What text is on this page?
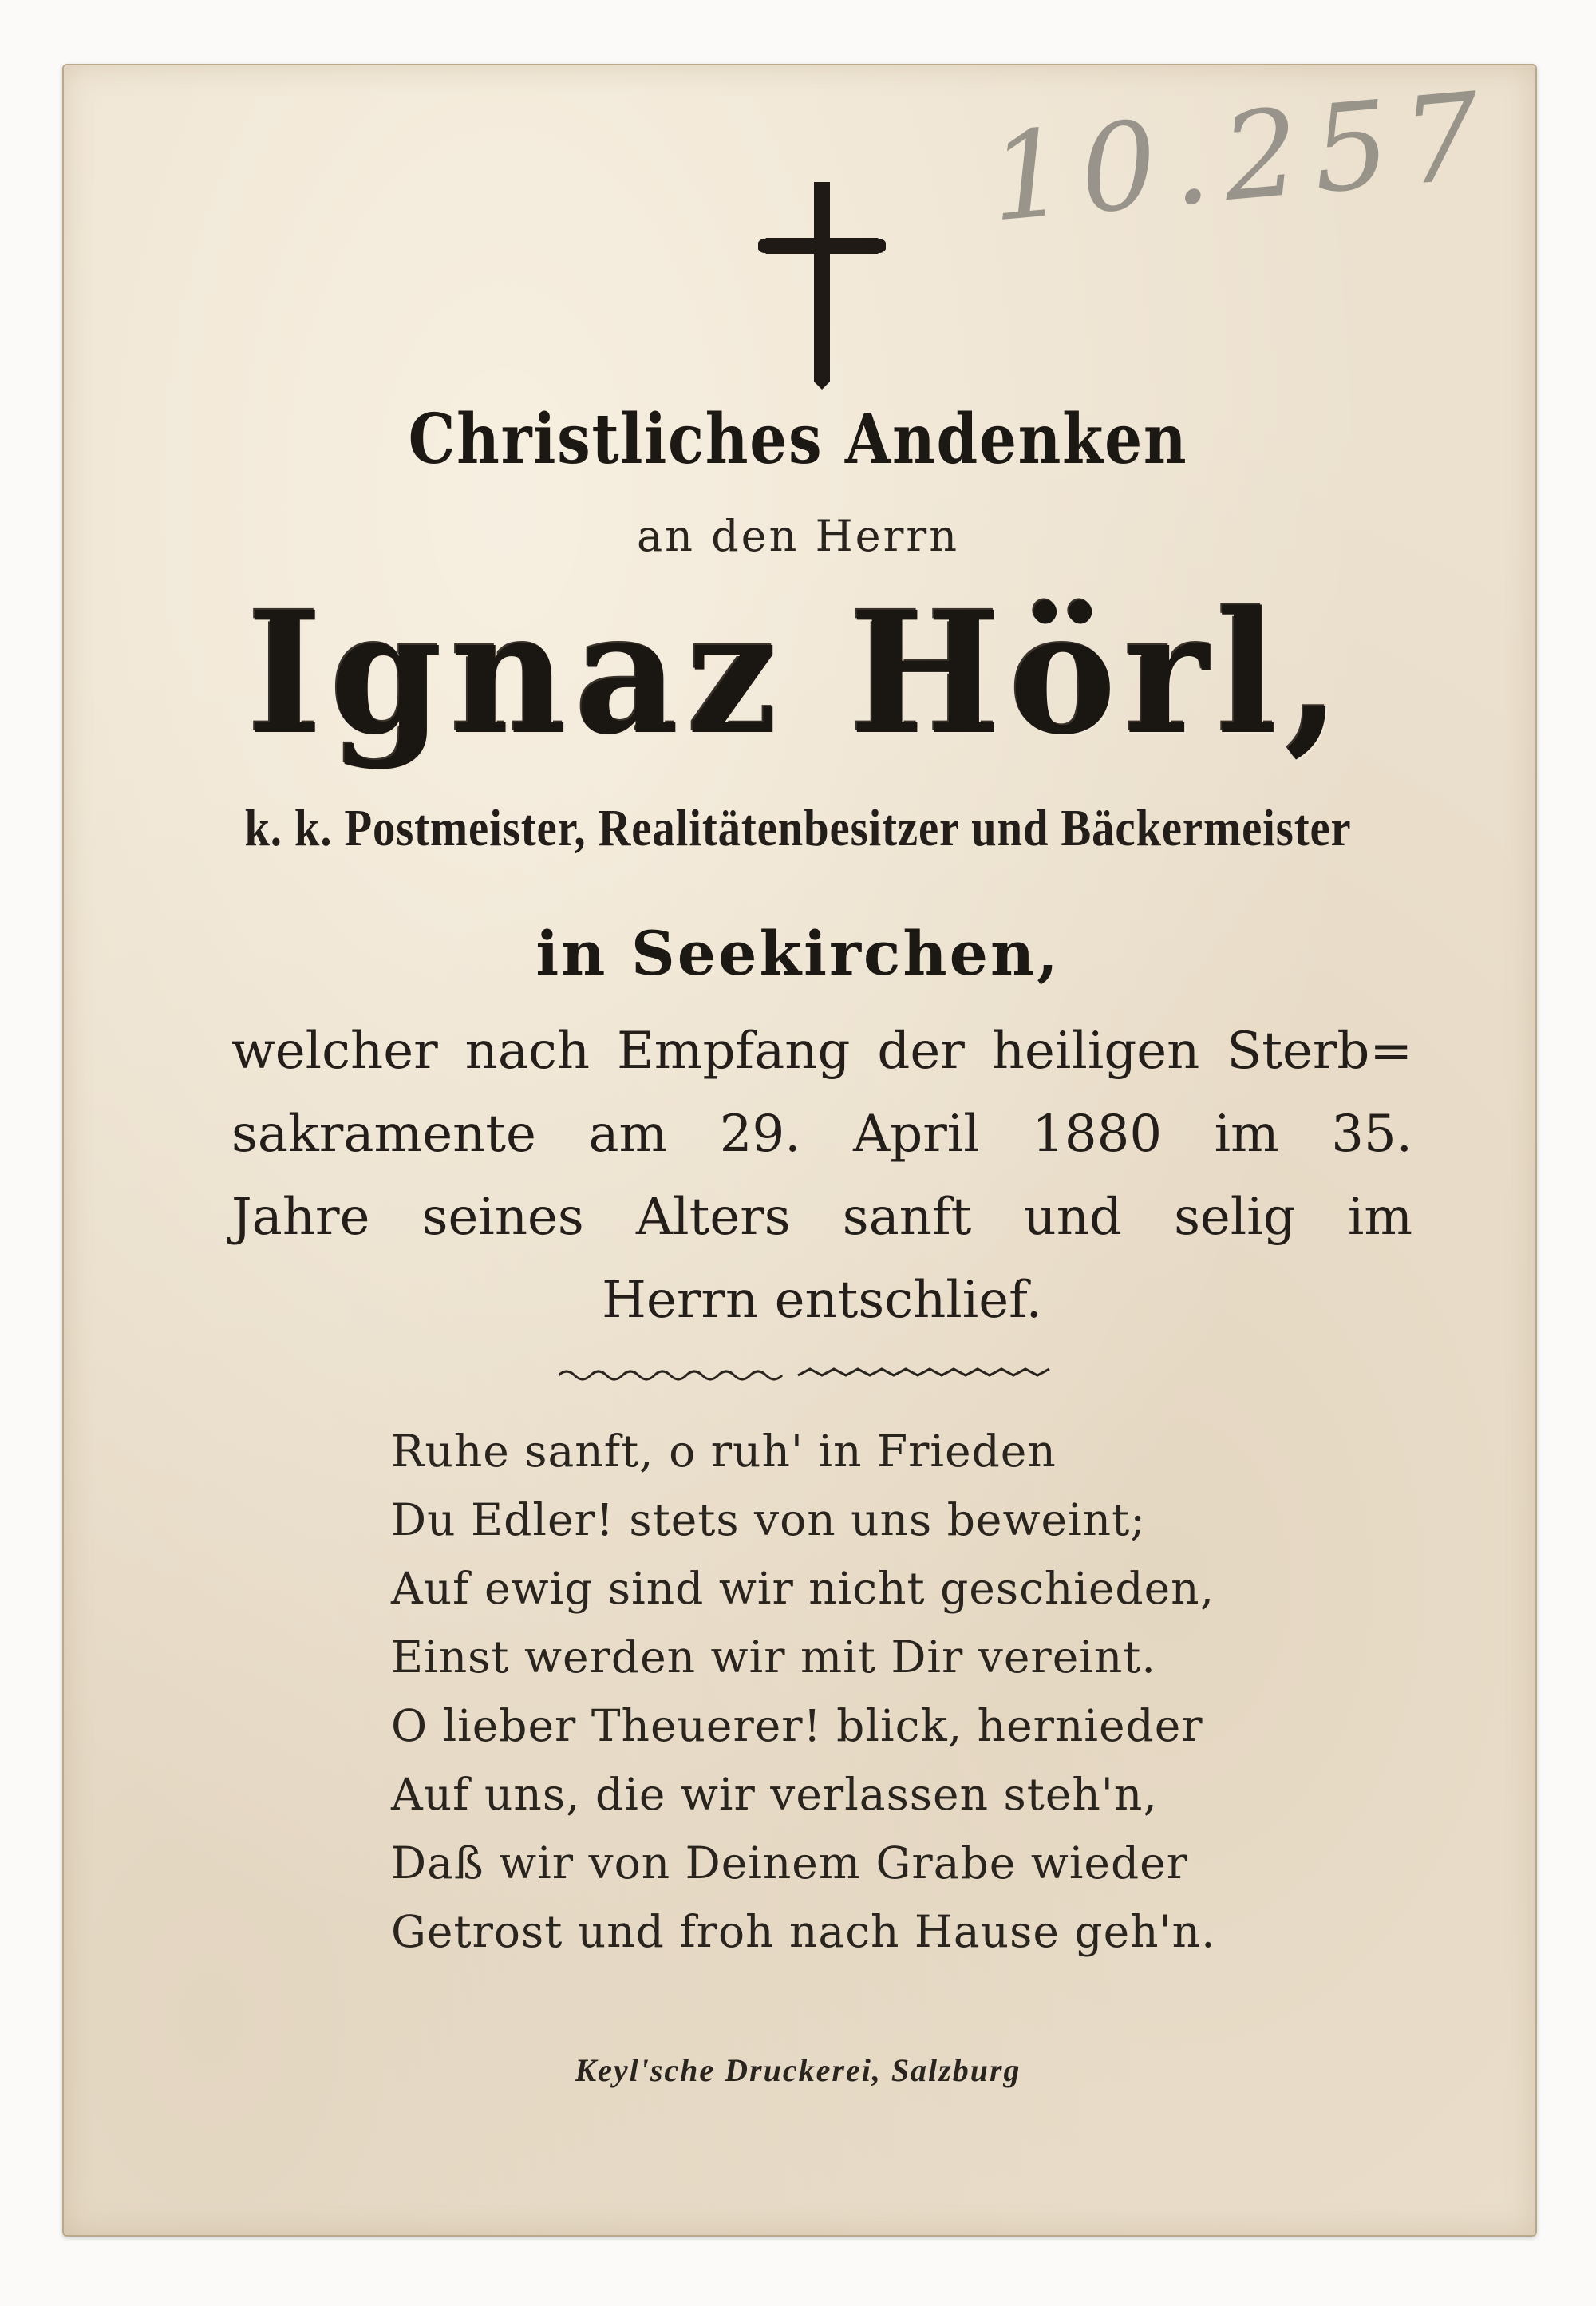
10.257
Christliches Andenken
an den Herrn
Ignaz Hörl,
k. k. Postmeister, Realitätenbesitzer und Bäckermeister
in Seekirchen,
welcher nach Empfang der heiligen Sterb=
sakramente am 29. April 1880 im 35.
Jahre seines Alters sanft und selig im
Herrn entschlief.
Ruhe sanft, o ruh' in Frieden
Du Edler! stets von uns beweint;
Auf ewig sind wir nicht geschieden,
Einst werden wir mit Dir vereint.
O lieber Theuerer! blick, hernieder
Auf uns, die wir verlassen steh'n,
Daß wir von Deinem Grabe wieder
Getrost und froh nach Hause geh'n.
Keyl'sche Druckerei, Salzburg
